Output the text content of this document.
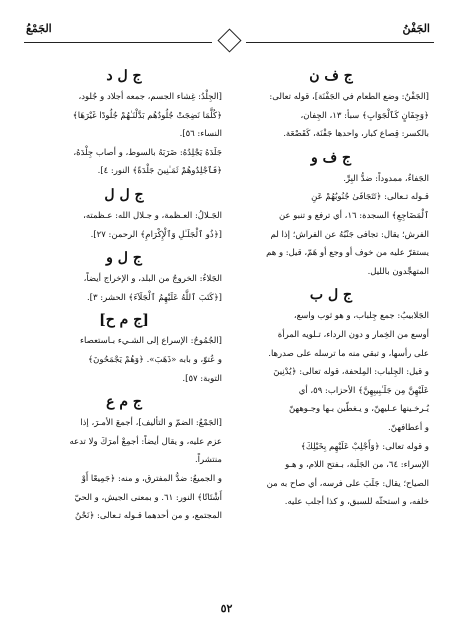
الجَفْنُ
الجَمْعُ
ج ف ن
[الجَفْنُ: وضع الطعام في الجَفْنَة]، قوله تعالى:
﴿وَجِفَانٍ كَٱلْجَوَابِ﴾ سبأ: ١٣، الجِفان،
بالكسر: قِصاع كبار، واحدها جَفْنَة، كَقَصْعَة.
ج ف و
الجَفاءُ، ممدوداً: ضدُّ البِرِّ.
قـوله تـعالى: ﴿تَتَجَافَىٰ جُنُوبُهُمْ عَنِ
ٱلْمَضَاجِعِ﴾ السجدة: ١٦، أي ترفع و تنبو عن
الفرش؛ يقال: تجافى جَنْبُهُ عن الفراش؛ إذا لم
يستقرّ عليه من خوف أو وجع أو هَمّ، قيل: و هم
المتهجِّدون بالليل.
ج ل ب
الجَلابيبُ: جمع جِلباب، و هو ثوب واسع،
أوسع من الخِمار و دون الرداء، تـلويه المرأة
على رأسها، و تبقي منه ما ترسله على صدرها.
و قيل: الجِلباب: المِلحفة، قوله تعالى: ﴿يُدْنِينَ
عَلَيْهِنَّ مِن جَلَـٰبِيبِهِنَّ﴾ الأحزاب: ٥٩، أي
يُـرخـينها عـليهنّ، و يـغطّين بـها وجـوههنّ
و أعطافهنّ.
و قوله تعالى: ﴿وَأَجْلِبْ عَلَيْهِم بِخَيْلِكَ﴾
الإسراء: ٦٤، من الجَلَبة، بـفتح اللام، و هـو
الصياح؛ يقال: جَلَبَ على فرسه، أي صاح به من
خلفه، و استحثّه للسبق، و كذا أجلب عليه.
ج ل د
[الجِلْدُ: غِشاء الجسم، جمعه أجلاد و جُلود،
﴿كُلَّمَا نَضِجَتْ جُلُودُهُم بَدَّلْنَـٰهُمْ جُلُودًا غَيْرَهَا﴾
النساء: ٥٦].
جَلَدَهُ يَجْلِدُهُ: ضَرَبَهُ بالسوط، و أصاب جِلْدَهُ،
﴿فَٱجْلِدُوهُمْ ثَمَـٰنِينَ جَلْدَةً﴾ النور: ٤].
ج ل ل
الجَـلالُ: العـظمة، و جـلال الله: عـظمته،
[﴿ذُو ٱلْجَلَـٰلِ وَٱلْإِكْرَامِ﴾ الرحمن: ٢٧].
ج ل و
الجَلاءُ: الخروجُ من البلد، و الإخراج أيضاً،
[﴿كَتَبَ ٱللَّهُ عَلَيْهِمُ ٱلْجَلَآءَ﴾ الحشر: ٣].
[ج م ح]
[الجُمُوحُ: الإسراع إلى الشـيء بـاستعصاء
و عُتوّ، و بابه «ذَهَبَ». ﴿وَهُمْ يَجْمَحُونَ﴾
التوبة: ٥٧].
ج م ع
[الجَمْعُ: الضمّ و التأليف]، أجمعَ الأمـرَ، إذا
عزم عليه، و يقال أيضاً: أجمِعْ أمرَكَ ولا تدعه
منتشراً.
و الجميعُ: ضدُّ المفترق، و منه: ﴿جَمِيعًا أَوْ
أَشْتَاتًا﴾ النور: ٦١. و بمعنى الجيش، و الحيّ
المجتمع، و من أحدهما قـوله تـعالى: ﴿نَحْنُ
٥٢
